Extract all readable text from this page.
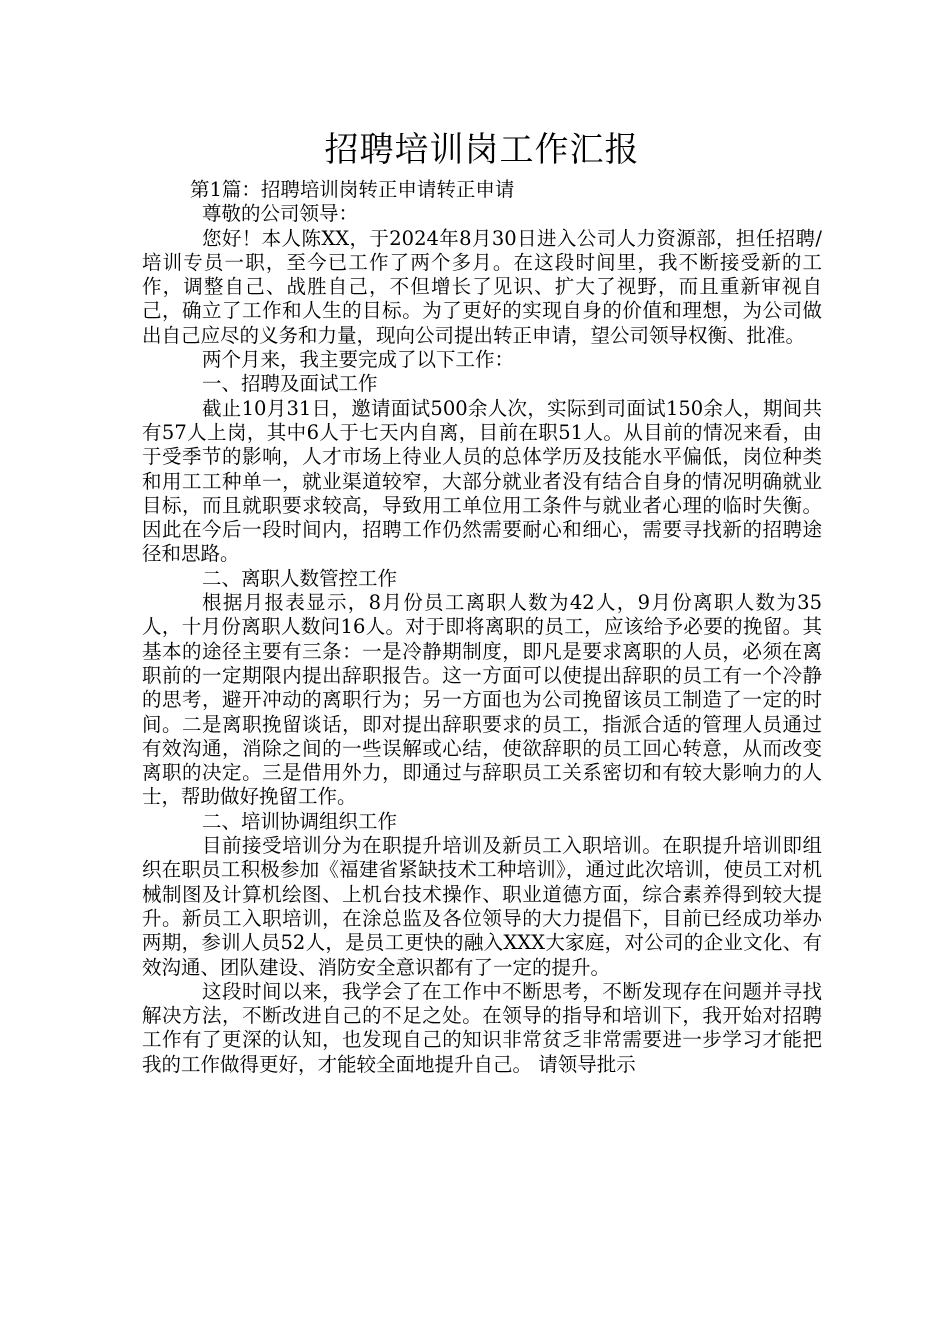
招聘培训岗工作汇报

第1篇：招聘培训岗转正申请转正申请

尊敬的公司领导：

您好！本人陈XX，于2024年8月30日进入公司人力资源部，担任招聘/培训专员一职，至今已工作了两个多月。在这段时间里，我不断接受新的工作，调整自己、战胜自己，不但增长了见识、扩大了视野，而且重新审视自己，确立了工作和人生的目标。为了更好的实现自身的价值和理想，为公司做出自己应尽的义务和力量，现向公司提出转正申请，望公司领导权衡、批准。

两个月来，我主要完成了以下工作：

一、招聘及面试工作

截止10月31日，邀请面试500余人次，实际到司面试150余人，期间共有57人上岗，其中6人于七天内自离，目前在职51人。从目前的情况来看，由于受季节的影响，人才市场上待业人员的总体学历及技能水平偏低，岗位种类和用工工种单一，就业渠道较窄，大部分就业者没有结合自身的情况明确就业目标，而且就职要求较高，导致用工单位用工条件与就业者心理的临时失衡。因此在今后一段时间内，招聘工作仍然需要耐心和细心，需要寻找新的招聘途径和思路。

二、离职人数管控工作

根据月报表显示，8月份员工离职人数为42人，9月份离职人数为35人，十月份离职人数问16人。对于即将离职的员工，应该给予必要的挽留。其基本的途径主要有三条：一是冷静期制度，即凡是要求离职的人员，必须在离职前的一定期限内提出辞职报告。这一方面可以使提出辞职的员工有一个冷静的思考，避开冲动的离职行为；另一方面也为公司挽留该员工制造了一定的时间。二是离职挽留谈话，即对提出辞职要求的员工，指派合适的管理人员通过有效沟通，消除之间的一些误解或心结，使欲辞职的员工回心转意，从而改变离职的决定。三是借用外力，即通过与辞职员工关系密切和有较大影响力的人士，帮助做好挽留工作。

二、培训协调组织工作

目前接受培训分为在职提升培训及新员工入职培训。在职提升培训即组织在职员工积极参加《福建省紧缺技术工种培训》，通过此次培训，使员工对机械制图及计算机绘图、上机台技术操作、职业道德方面，综合素养得到较大提升。新员工入职培训，在涂总监及各位领导的大力提倡下，目前已经成功举办两期，参训人员52人，是员工更快的融入XXX大家庭，对公司的企业文化、有效沟通、团队建设、消防安全意识都有了一定的提升。

这段时间以来，我学会了在工作中不断思考，不断发现存在问题并寻找解决方法，不断改进自己的不足之处。在领导的指导和培训下，我开始对招聘工作有了更深的认知，也发现自己的知识非常贫乏非常需要进一步学习才能把我的工作做得更好，才能较全面地提升自己。 请领导批示
